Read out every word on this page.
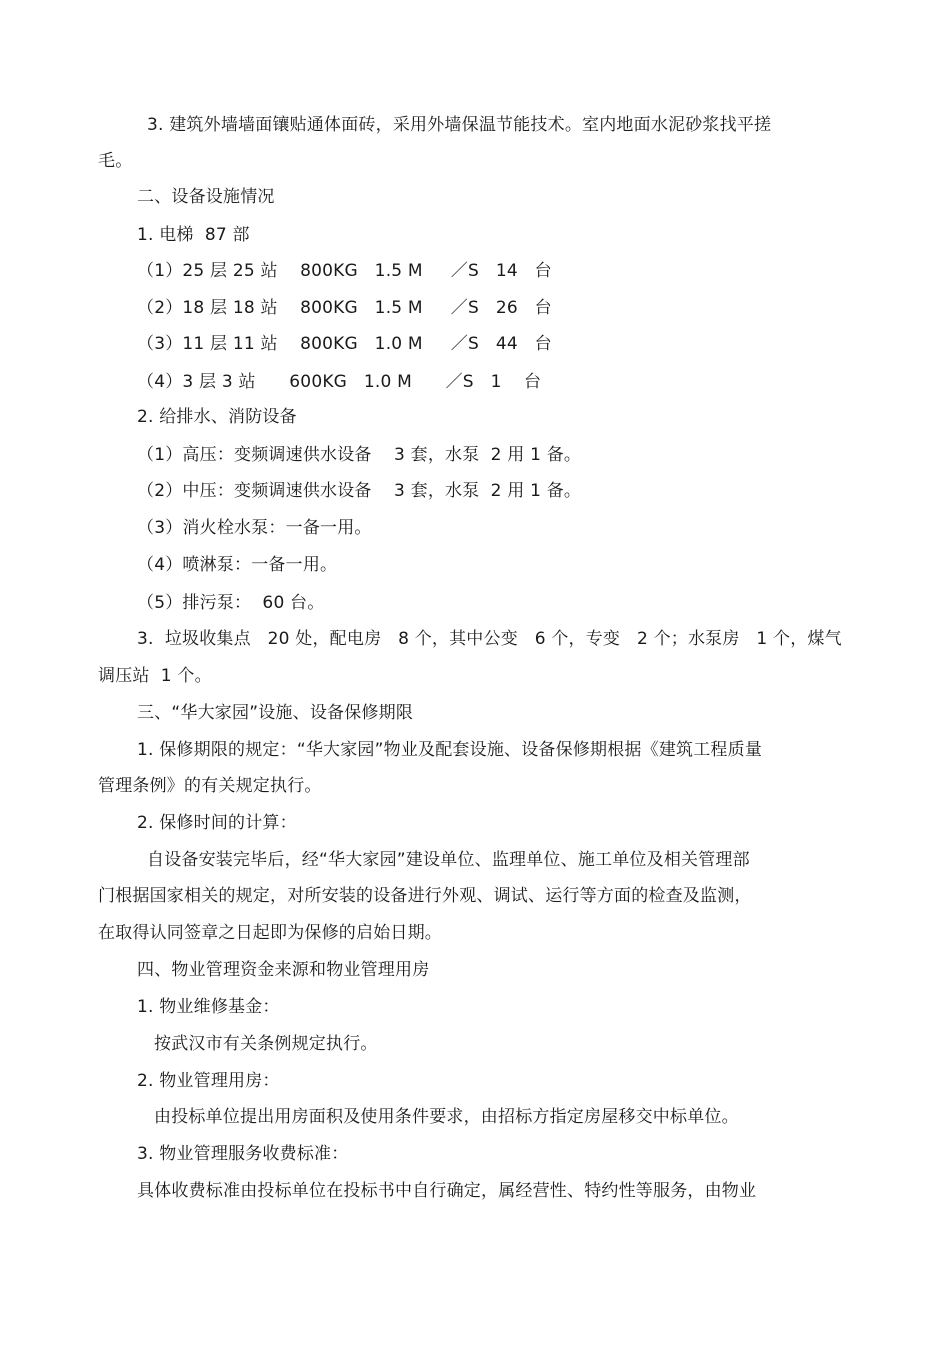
3. 建筑外墙墙面镶贴通体面砖，采用外墙保温节能技术。室内地面水泥砂浆找平搓
毛。
二、设备设施情况
1. 电梯  87 部
（1）25 层 25 站    800KG   1.5 M     ／S   14   台
（2）18 层 18 站    800KG   1.5 M     ／S   26   台
（3）11 层 11 站    800KG   1.0 M     ／S   44   台
（4）3 层 3 站      600KG   1.0 M      ／S   1    台
2. 给排水、消防设备
（1）高压：变频调速供水设备    3 套，水泵  2 用 1 备。
（2）中压：变频调速供水设备    3 套，水泵  2 用 1 备。
（3）消火栓水泵：一备一用。
（4）喷淋泵：一备一用。
（5）排污泵：  60 台。
3.  垃圾收集点   20 处，配电房   8 个，其中公变   6 个，专变   2 个；水泵房   1 个，煤气
调压站  1 个。
三、“华大家园”设施、设备保修期限
1. 保修期限的规定：“华大家园”物业及配套设施、设备保修期根据《建筑工程质量
管理条例》的有关规定执行。
2. 保修时间的计算：
自设备安装完毕后，经“华大家园”建设单位、监理单位、施工单位及相关管理部
门根据国家相关的规定，对所安装的设备进行外观、调试、运行等方面的检查及监测，
在取得认同签章之日起即为保修的启始日期。
四、物业管理资金来源和物业管理用房
1. 物业维修基金：
按武汉市有关条例规定执行。
2. 物业管理用房：
由投标单位提出用房面积及使用条件要求，由招标方指定房屋移交中标单位。
3. 物业管理服务收费标准：
具体收费标准由投标单位在投标书中自行确定，属经营性、特约性等服务，由物业
